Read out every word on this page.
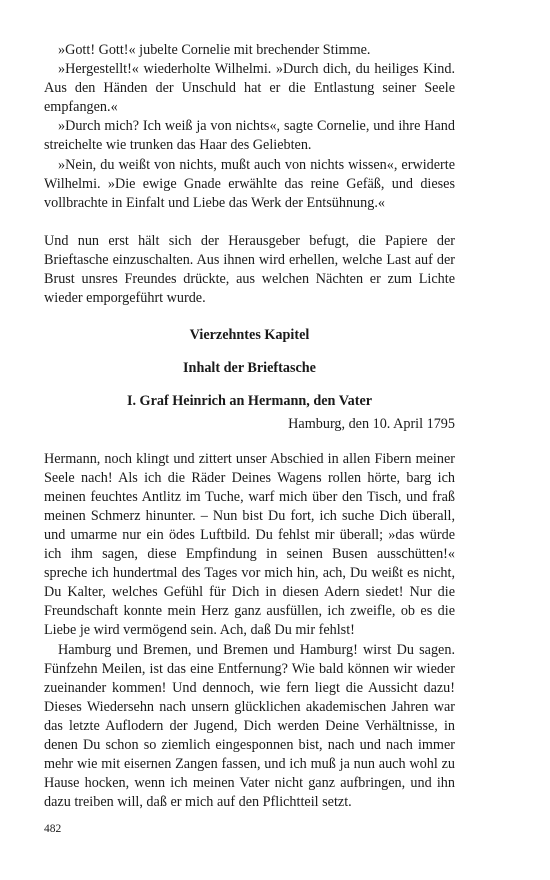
»Gott! Gott!« jubelte Cornelie mit brechender Stimme.

»Hergestellt!« wiederholte Wilhelmi. »Durch dich, du heiliges Kind. Aus den Händen der Unschuld hat er die Entlastung seiner Seele empfangen.«

»Durch mich? Ich weiß ja von nichts«, sagte Cornelie, und ihre Hand streichelte wie trunken das Haar des Geliebten.

»Nein, du weißt von nichts, mußt auch von nichts wissen«, erwiderte Wilhelmi. »Die ewige Gnade erwählte das reine Gefäß, und dieses vollbrachte in Einfalt und Liebe das Werk der Entsühnung.«

Und nun erst hält sich der Herausgeber befugt, die Papiere der Brieftasche einzuschalten. Aus ihnen wird erhellen, welche Last auf der Brust unsres Freundes drückte, aus welchen Nächten er zum Lichte wieder emporgeführt wurde.

Vierzehntes Kapitel
Inhalt der Brieftasche
I. Graf Heinrich an Hermann, den Vater
Hamburg, den 10. April 1795

Hermann, noch klingt und zittert unser Abschied in allen Fibern meiner Seele nach! Als ich die Räder Deines Wagens rollen hörte, barg ich meinen feuchtes Antlitz im Tuche, warf mich über den Tisch, und fraß meinen Schmerz hinunter. – Nun bist Du fort, ich suche Dich überall, und umarme nur ein ödes Luftbild. Du fehlst mir überall; »das würde ich ihm sagen, diese Empfindung in seinen Busen ausschütten!« spreche ich hundertmal des Tages vor mich hin, ach, Du weißt es nicht, Du Kalter, welches Gefühl für Dich in diesen Adern siedet! Nur die Freundschaft konnte mein Herz ganz ausfüllen, ich zweifle, ob es die Liebe je wird vermögend sein. Ach, daß Du mir fehlst!

Hamburg und Bremen, und Bremen und Hamburg! wirst Du sagen. Fünfzehn Meilen, ist das eine Entfernung? Wie bald können wir wieder zueinander kommen! Und dennoch, wie fern liegt die Aussicht dazu! Dieses Wiedersehn nach unsern glücklichen akademischen Jahren war das letzte Auflodern der Jugend, Dich werden Deine Verhältnisse, in denen Du schon so ziemlich eingesponnen bist, nach und nach immer mehr wie mit eisernen Zangen fassen, und ich muß ja nun auch wohl zu Hause hocken, wenn ich meinen Vater nicht ganz aufbringen, und ihn dazu treiben will, daß er mich auf den Pflichtteil setzt.

482
